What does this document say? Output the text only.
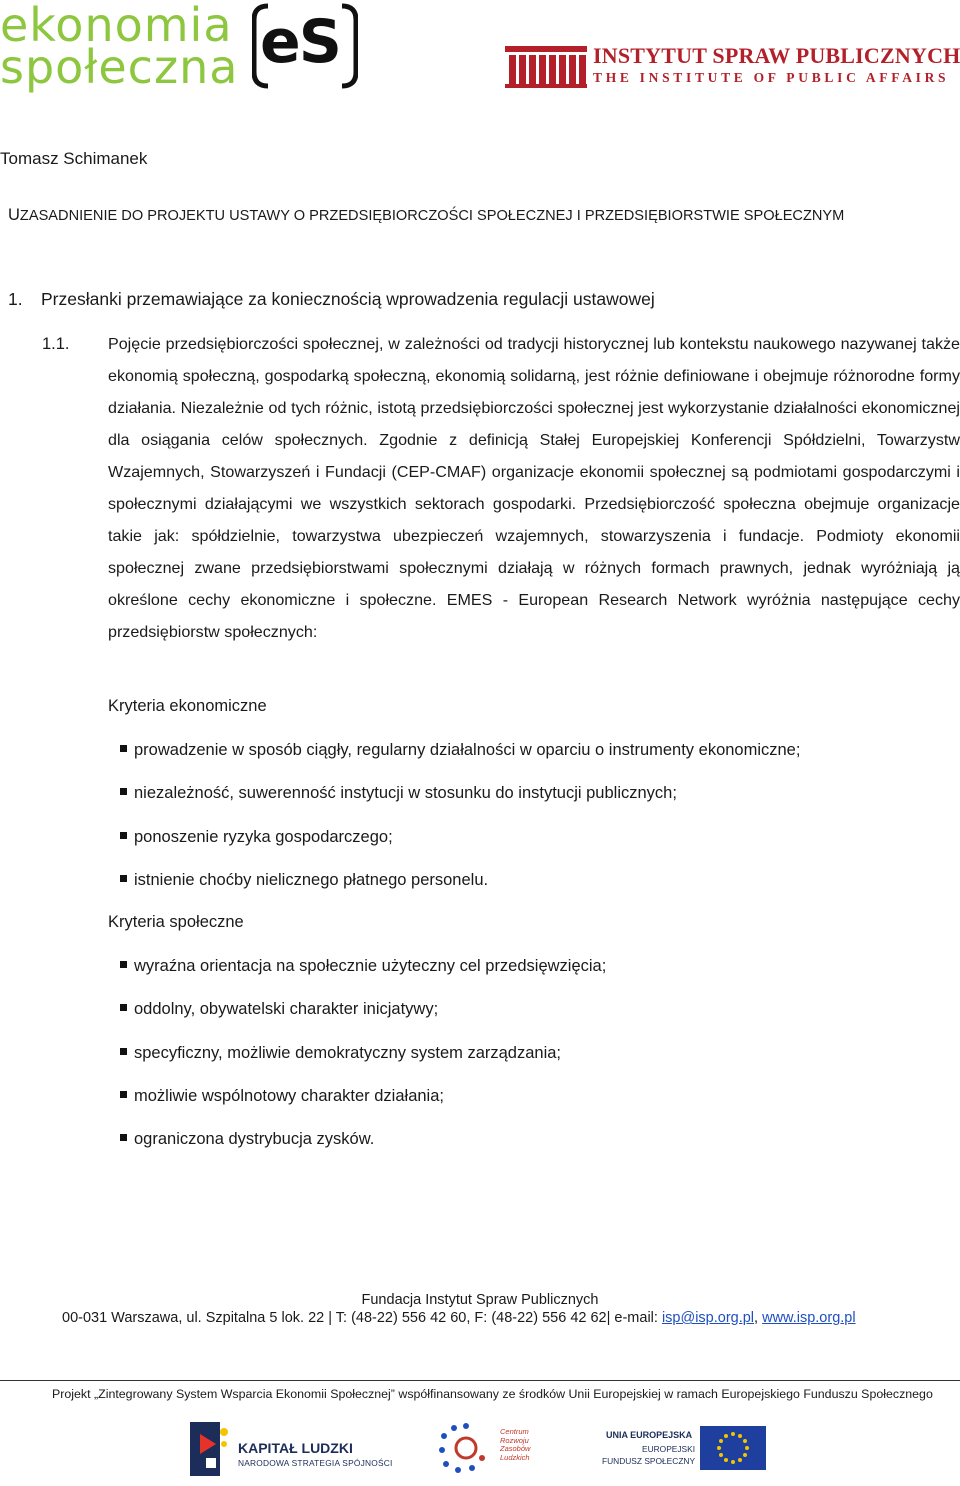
ekonomia
społeczna eS	INSTYTUT SPRAW PUBLICZNYCH
THE INSTITUTE OF PUBLIC AFFAIRS
Tomasz Schimanek
UZASADNIENIE DO PROJEKTU USTAWY O PRZEDSIĘBIORCZOŚCI SPOŁECZNEJ I PRZEDSIĘBIORSTWIE SPOŁECZNYM
1. Przesłanki przemawiające za koniecznością wprowadzenia regulacji ustawowej
1.1. Pojęcie przedsiębiorczości społecznej, w zależności od tradycji historycznej lub kontekstu naukowego nazywanej także ekonomią społeczną, gospodarką społeczną, ekonomią solidarną, jest różnie definiowane i obejmuje różnorodne formy działania. Niezależnie od tych różnic, istotą przedsiębiorczości społecznej jest wykorzystanie działalności ekonomicznej dla osiągania celów społecznych. Zgodnie z definicją Stałej Europejskiej Konferencji Spółdzielni, Towarzystw Wzajemnych, Stowarzyszeń i Fundacji (CEP-CMAF) organizacje ekonomii społecznej są podmiotami gospodarczymi i społecznymi działającymi we wszystkich sektorach gospodarki. Przedsiębiorczość społeczna obejmuje organizacje takie jak: spółdzielnie, towarzystwa ubezpieczeń wzajemnych, stowarzyszenia i fundacje. Podmioty ekonomii społecznej zwane przedsiębiorstwami społecznymi działają w różnych formach prawnych, jednak wyróżniają ją określone cechy ekonomiczne i społeczne. EMES - European Research Network wyróżnia następujące cechy przedsiębiorstw społecznych:
Kryteria ekonomiczne
prowadzenie w sposób ciągły, regularny działalności w oparciu o instrumenty ekonomiczne;
niezależność, suwerenność instytucji w stosunku do instytucji publicznych;
ponoszenie ryzyka gospodarczego;
istnienie choćby nielicznego płatnego personelu.
Kryteria społeczne
wyraźna orientacja na społecznie użyteczny cel przedsięwzięcia;
oddolny, obywatelski charakter inicjatywy;
specyficzny, możliwie demokratyczny system zarządzania;
możliwie wspólnotowy charakter działania;
ograniczona dystrybucja zysków.
Fundacja Instytut Spraw Publicznych
00-031 Warszawa, ul. Szpitalna 5 lok. 22 | T: (48-22) 556 42 60, F: (48-22) 556 42 62| e-mail: isp@isp.org.pl, www.isp.org.pl
Projekt „Zintegrowany System Wsparcia Ekonomii Społecznej” współfinansowany ze środków Unii Europejskiej w ramach Europejskiego Funduszu Społecznego
KAPITAŁ LUDZKI
NARODOWA STRATEGIA SPÓJNOŚCI
Centrum
Rozwoju
Zasobów
Ludzkich
UNIA EUROPEJSKA
EUROPEJSKI
FUNDUSZ SPOŁECZNY
